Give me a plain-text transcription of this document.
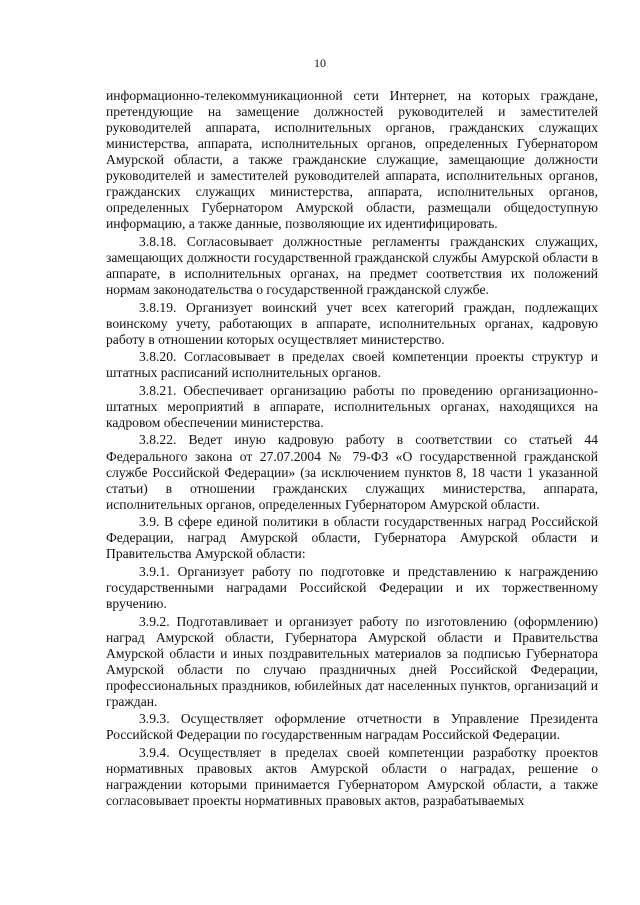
10

информационно-телекоммуникационной сети Интернет, на которых граждане, претендующие на замещение должностей руководителей и заместителей руководителей аппарата, исполнительных органов, гражданских служащих министерства, аппарата, исполнительных органов, определенных Губернатором Амурской области, а также гражданские служащие, замещающие должности руководителей и заместителей руководителей аппарата, исполнительных органов, гражданских служащих министерства, аппарата, исполнительных органов, определенных Губернатором Амурской области, размещали общедоступную информацию, а также данные, позволяющие их идентифицировать.

3.8.18. Согласовывает должностные регламенты гражданских служащих, замещающих должности государственной гражданской службы Амурской области в аппарате, в исполнительных органах, на предмет соответствия их положений нормам законодательства о государственной гражданской службе.

3.8.19. Организует воинский учет всех категорий граждан, подлежащих воинскому учету, работающих в аппарате, исполнительных органах, кадровую работу в отношении которых осуществляет министерство.

3.8.20. Согласовывает в пределах своей компетенции проекты структур и штатных расписаний исполнительных органов.

3.8.21. Обеспечивает организацию работы по проведению организационно-штатных мероприятий в аппарате, исполнительных органах, находящихся на кадровом обеспечении министерства.

3.8.22. Ведет иную кадровую работу в соответствии со статьей 44 Федерального закона от 27.07.2004 № 79-ФЗ «О государственной гражданской службе Российской Федерации» (за исключением пунктов 8, 18 части 1 указанной статьи) в отношении гражданских служащих министерства, аппарата, исполнительных органов, определенных Губернатором Амурской области.

3.9. В сфере единой политики в области государственных наград Российской Федерации, наград Амурской области, Губернатора Амурской области и Правительства Амурской области:

3.9.1. Организует работу по подготовке и представлению к награждению государственными наградами Российской Федерации и их торжественному вручению.

3.9.2. Подготавливает и организует работу по изготовлению (оформлению) наград Амурской области, Губернатора Амурской области и Правительства Амурской области и иных поздравительных материалов за подписью Губернатора Амурской области по случаю праздничных дней Российской Федерации, профессиональных праздников, юбилейных дат населенных пунктов, организаций и граждан.

3.9.3. Осуществляет оформление отчетности в Управление Президента Российской Федерации по государственным наградам Российской Федерации.

3.9.4. Осуществляет в пределах своей компетенции разработку проектов нормативных правовых актов Амурской области о наградах, решение о награждении которыми принимается Губернатором Амурской области, а также согласовывает проекты нормативных правовых актов, разрабатываемых
